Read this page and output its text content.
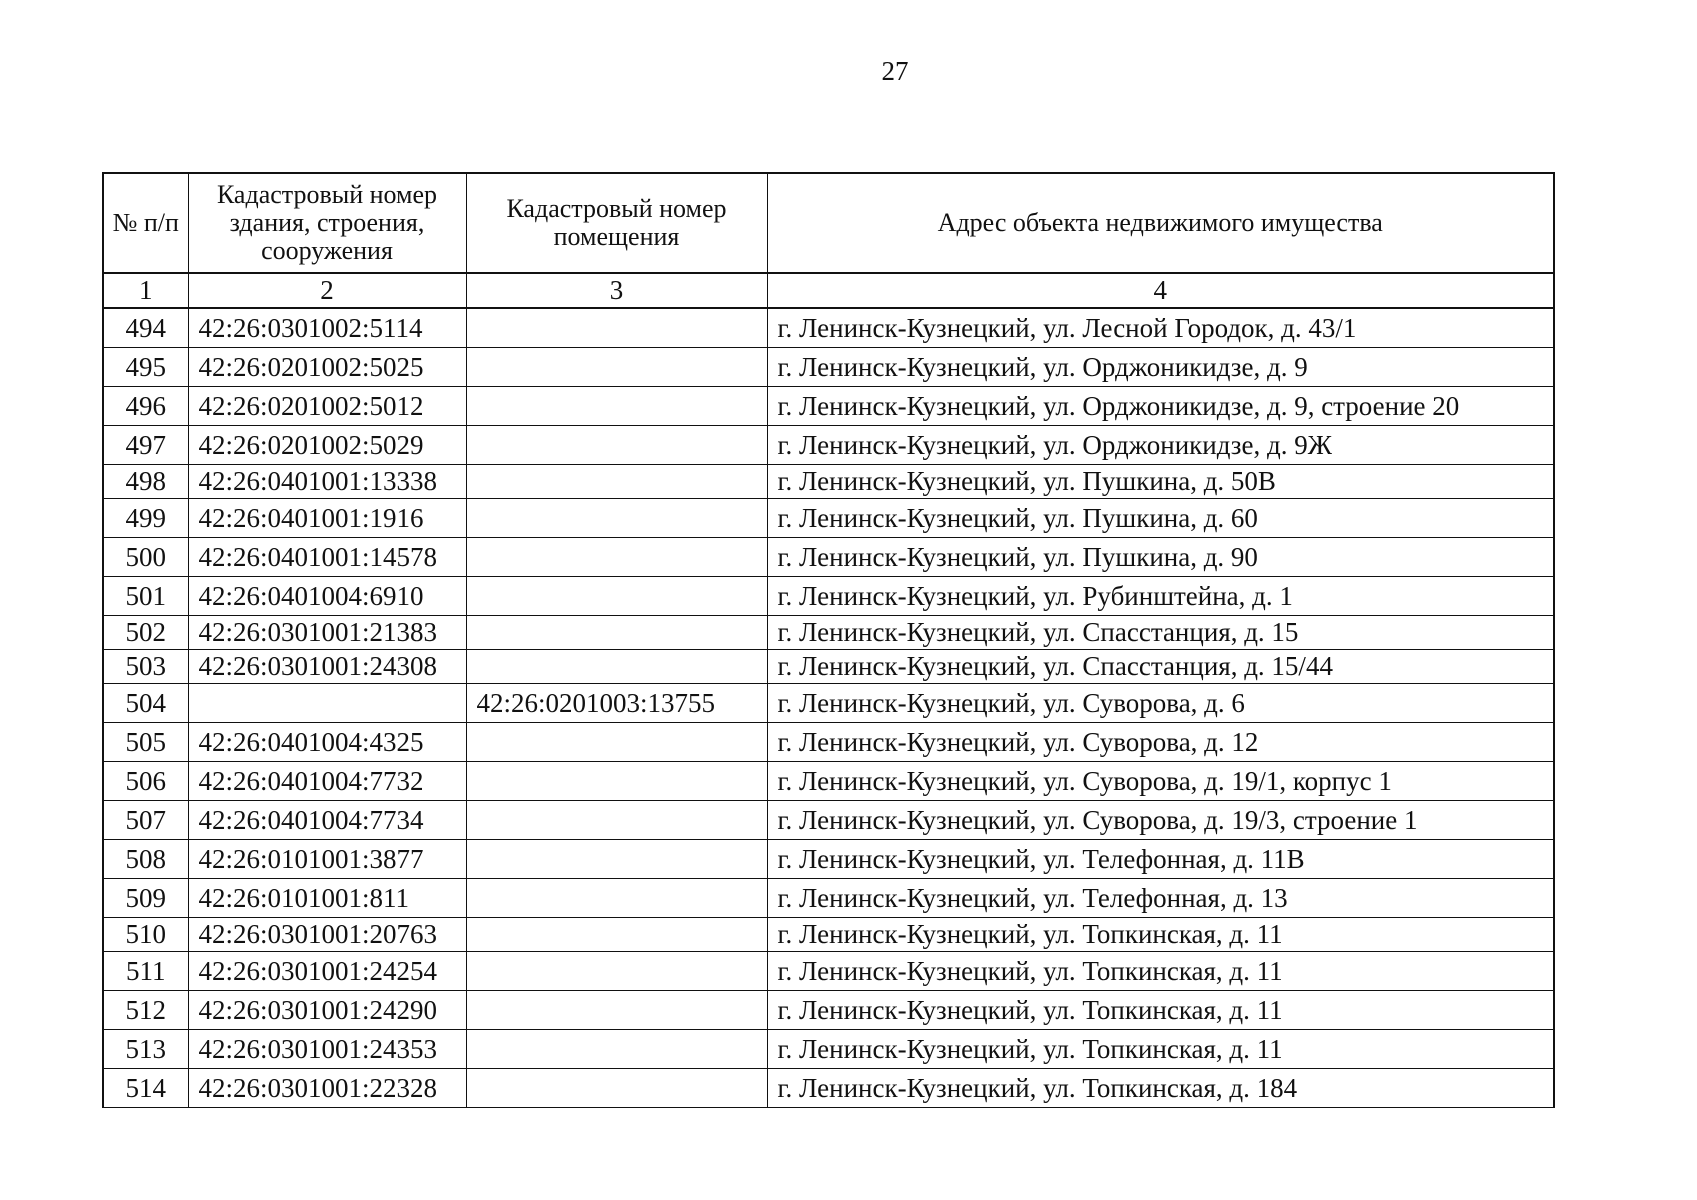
27
№ п/п	Кадастровый номер здания, строения, сооружения	Кадастровый номер помещения	Адрес объекта недвижимого имущества
1	2	3	4
494	42:26:0301002:5114		г. Ленинск-Кузнецкий, ул. Лесной Городок, д. 43/1
495	42:26:0201002:5025		г. Ленинск-Кузнецкий, ул. Орджоникидзе, д. 9
496	42:26:0201002:5012		г. Ленинск-Кузнецкий, ул. Орджоникидзе, д. 9, строение 20
497	42:26:0201002:5029		г. Ленинск-Кузнецкий, ул. Орджоникидзе, д. 9Ж
498	42:26:0401001:13338		г. Ленинск-Кузнецкий, ул. Пушкина, д. 50В
499	42:26:0401001:1916		г. Ленинск-Кузнецкий, ул. Пушкина, д. 60
500	42:26:0401001:14578		г. Ленинск-Кузнецкий, ул. Пушкина, д. 90
501	42:26:0401004:6910		г. Ленинск-Кузнецкий, ул. Рубинштейна, д. 1
502	42:26:0301001:21383		г. Ленинск-Кузнецкий, ул. Спасстанция, д. 15
503	42:26:0301001:24308		г. Ленинск-Кузнецкий, ул. Спасстанция, д. 15/44
504		42:26:0201003:13755	г. Ленинск-Кузнецкий, ул. Суворова, д. 6
505	42:26:0401004:4325		г. Ленинск-Кузнецкий, ул. Суворова, д. 12
506	42:26:0401004:7732		г. Ленинск-Кузнецкий, ул. Суворова, д. 19/1, корпус 1
507	42:26:0401004:7734		г. Ленинск-Кузнецкий, ул. Суворова, д. 19/3, строение 1
508	42:26:0101001:3877		г. Ленинск-Кузнецкий, ул. Телефонная, д. 11В
509	42:26:0101001:811		г. Ленинск-Кузнецкий, ул. Телефонная, д. 13
510	42:26:0301001:20763		г. Ленинск-Кузнецкий, ул. Топкинская, д. 11
511	42:26:0301001:24254		г. Ленинск-Кузнецкий, ул. Топкинская, д. 11
512	42:26:0301001:24290		г. Ленинск-Кузнецкий, ул. Топкинская, д. 11
513	42:26:0301001:24353		г. Ленинск-Кузнецкий, ул. Топкинская, д. 11
514	42:26:0301001:22328		г. Ленинск-Кузнецкий, ул. Топкинская, д. 184
